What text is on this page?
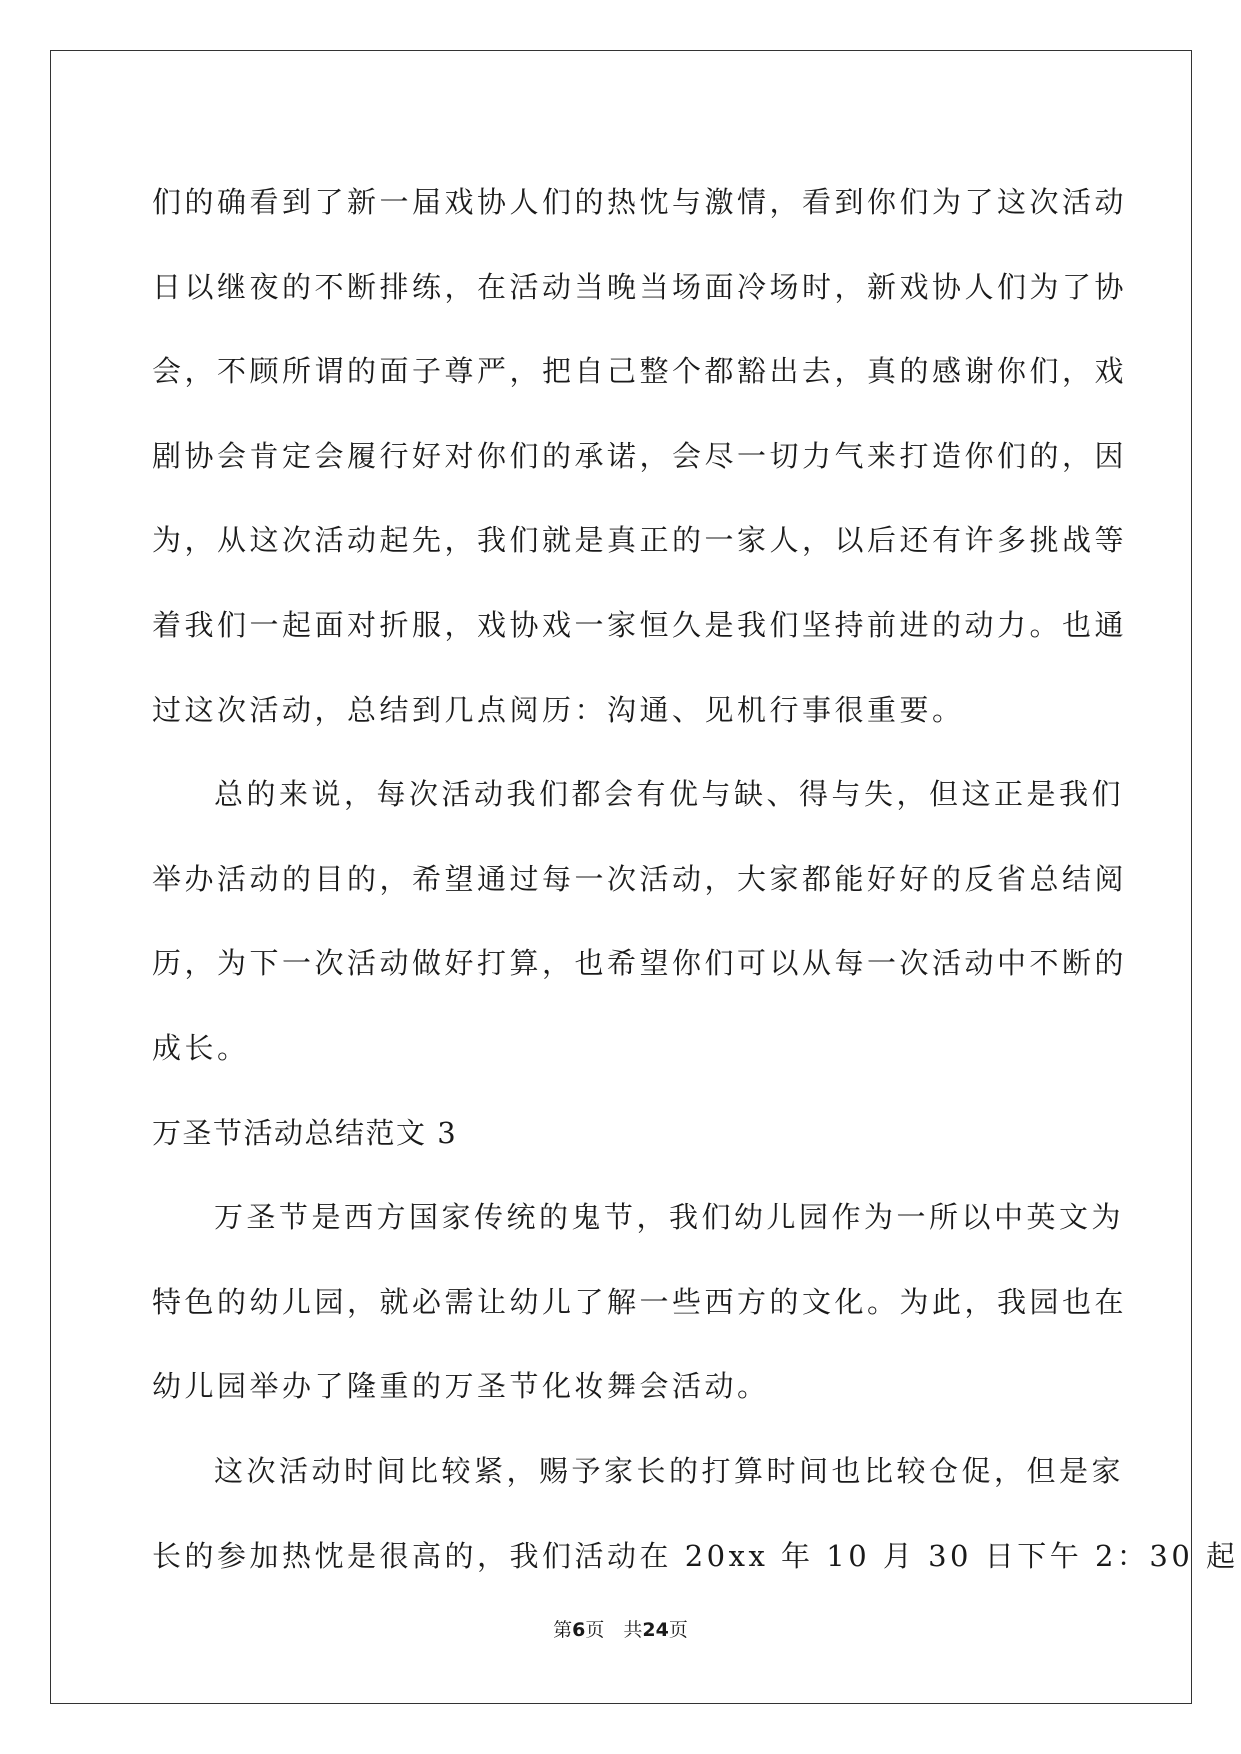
们的确看到了新一届戏协人们的热忱与激情，看到你们为了这次活动
日以继夜的不断排练，在活动当晚当场面冷场时，新戏协人们为了协
会，不顾所谓的面子尊严，把自己整个都豁出去，真的感谢你们，戏
剧协会肯定会履行好对你们的承诺，会尽一切力气来打造你们的，因
为，从这次活动起先，我们就是真正的一家人，以后还有许多挑战等
着我们一起面对折服，戏协戏一家恒久是我们坚持前进的动力。也通
过这次活动，总结到几点阅历：沟通、见机行事很重要。
总的来说，每次活动我们都会有优与缺、得与失，但这正是我们
举办活动的目的，希望通过每一次活动，大家都能好好的反省总结阅
历，为下一次活动做好打算，也希望你们可以从每一次活动中不断的
成长。
万圣节活动总结范文 3
万圣节是西方国家传统的鬼节，我们幼儿园作为一所以中英文为
特色的幼儿园，就必需让幼儿了解一些西方的文化。为此，我园也在
幼儿园举办了隆重的万圣节化妆舞会活动。
这次活动时间比较紧，赐予家长的打算时间也比较仓促，但是家
长的参加热忱是很高的，我们活动在 20xx 年 10 月 30 日下午 2：30 起
第6页　共24页
